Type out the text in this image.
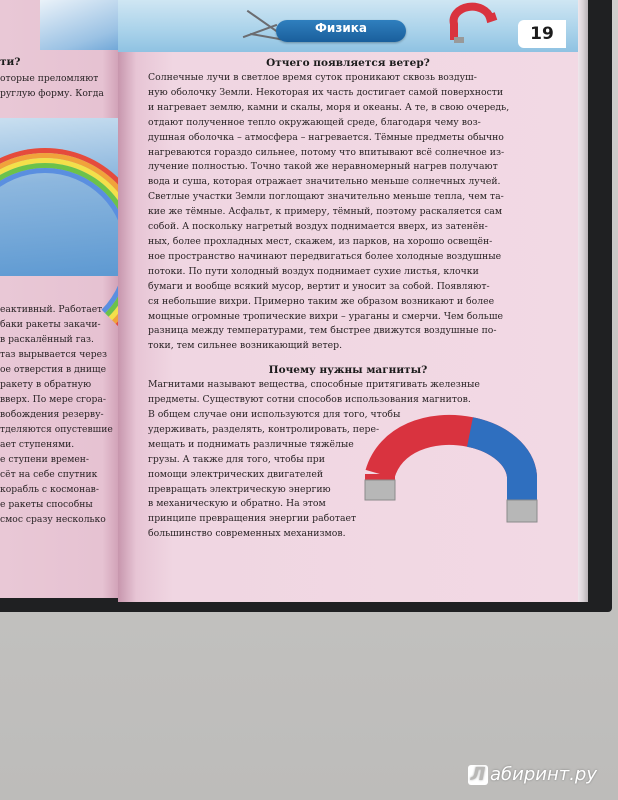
ти?
оторые преломляют
руглую форму. Когда
еактивный. Работает
баки ракеты закачи-
в раскалённый газ.
таз вырывается через
ое отверстия в днище
ракету в обратную
вверх. По мере сгора-
вобождения резерву-
тделяются опустевшие
ает ступенями.
е ступени времен-
сёт на себе спутник
корабль с космонав-
е ракеты способны
смос сразу несколько
Физика	19
Отчего появляется ветер?
Солнечные лучи в светлое время суток проникают сквозь воздуш-
ную оболочку Земли. Некоторая их часть достигает самой поверхности
и нагревает землю, камни и скалы, моря и океаны. А те, в свою очередь,
отдают полученное тепло окружающей среде, благодаря чему воз-
душная оболочка – атмосфера – нагревается. Тёмные предметы обычно
нагреваются гораздо сильнее, потому что впитывают всё солнечное из-
лучение полностью. Точно такой же неравномерный нагрев получают
вода и суша, которая отражает значительно меньше солнечных лучей.
Светлые участки Земли поглощают значительно меньше тепла, чем та-
кие же тёмные. Асфальт, к примеру, тёмный, поэтому раскаляется сам
собой. А поскольку нагретый воздух поднимается вверх, из затенён-
ных, более прохладных мест, скажем, из парков, на хорошо освещён-
ное пространство начинают передвигаться более холодные воздушные
потоки. По пути холодный воздух поднимает сухие листья, клочки
бумаги и вообще всякий мусор, вертит и уносит за собой. Появляют-
ся небольшие вихри. Примерно таким же образом возникают и более
мощные огромные тропические вихри – ураганы и смерчи. Чем больше
разница между температурами, тем быстрее движутся воздушные по-
токи, тем сильнее возникающий ветер.
Почему нужны магниты?
Магнитами называют вещества, способные притягивать железные
предметы. Существуют сотни способов использования магнитов.
В общем случае они используются для того, чтобы
удерживать, разделять, контролировать, пере-
мещать и поднимать различные тяжёлые
грузы. А также для того, чтобы при
помощи электрических двигателей
превращать электрическую энергию
в механическую и обратно. На этом
принципе превращения энергии работает
большинство современных механизмов.
Л абиринт.ру
